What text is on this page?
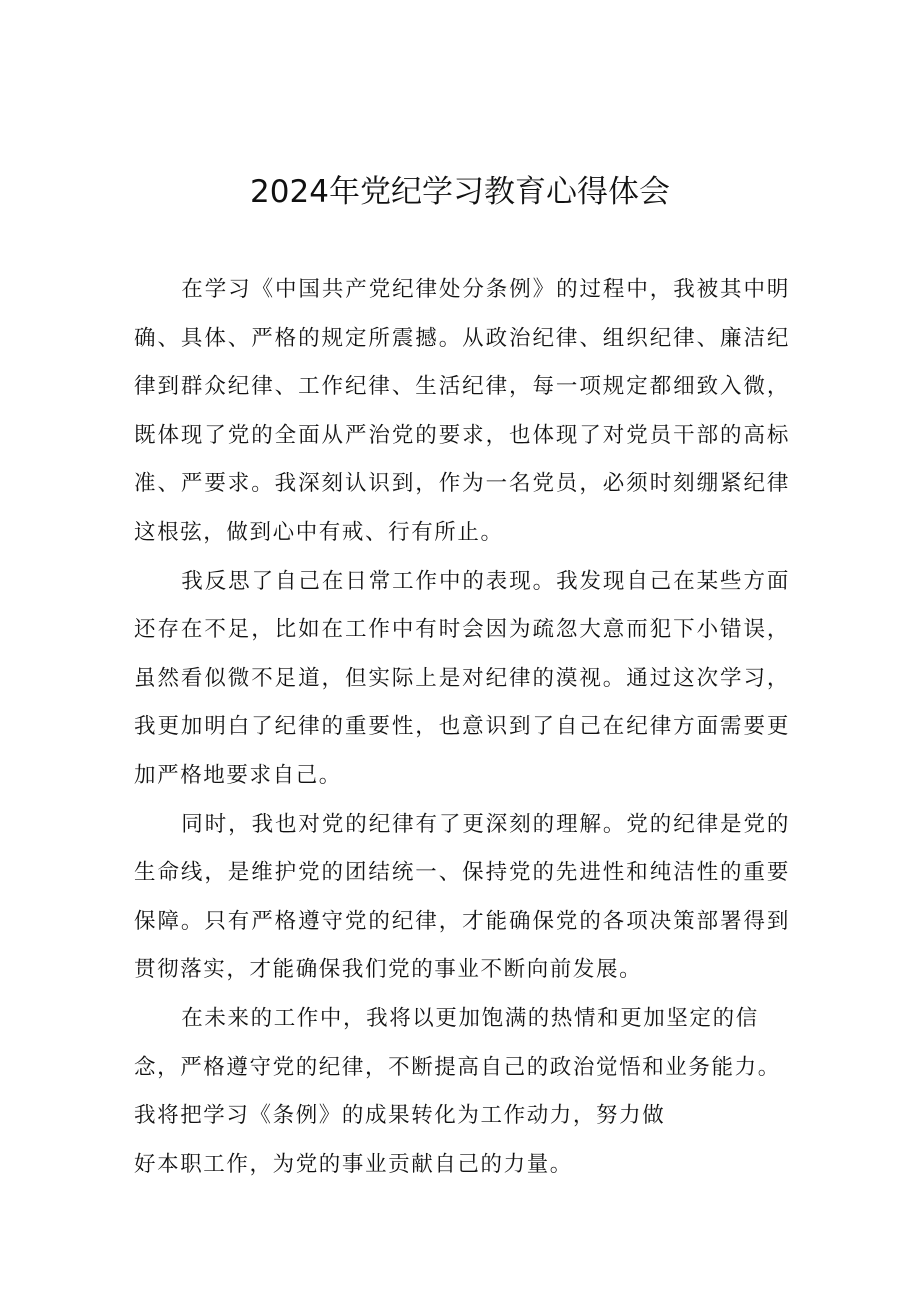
2024年党纪学习教育心得体会

在学习《中国共产党纪律处分条例》的过程中，我被其中明确、具体、严格的规定所震撼。从政治纪律、组织纪律、廉洁纪律到群众纪律、工作纪律、生活纪律，每一项规定都细致入微，既体现了党的全面从严治党的要求，也体现了对党员干部的高标准、严要求。我深刻认识到，作为一名党员，必须时刻绷紧纪律这根弦，做到心中有戒、行有所止。

我反思了自己在日常工作中的表现。我发现自己在某些方面还存在不足，比如在工作中有时会因为疏忽大意而犯下小错误，虽然看似微不足道，但实际上是对纪律的漠视。通过这次学习，我更加明白了纪律的重要性，也意识到了自己在纪律方面需要更加严格地要求自己。

同时，我也对党的纪律有了更深刻的理解。党的纪律是党的生命线，是维护党的团结统一、保持党的先进性和纯洁性的重要保障。只有严格遵守党的纪律，才能确保党的各项决策部署得到贯彻落实，才能确保我们党的事业不断向前发展。

在未来的工作中，我将以更加饱满的热情和更加坚定的信念，严格遵守党的纪律，不断提高自己的政治觉悟和业务能力。我将把学习《条例》的成果转化为工作动力，努力做
好本职工作，为党的事业贡献自己的力量。
